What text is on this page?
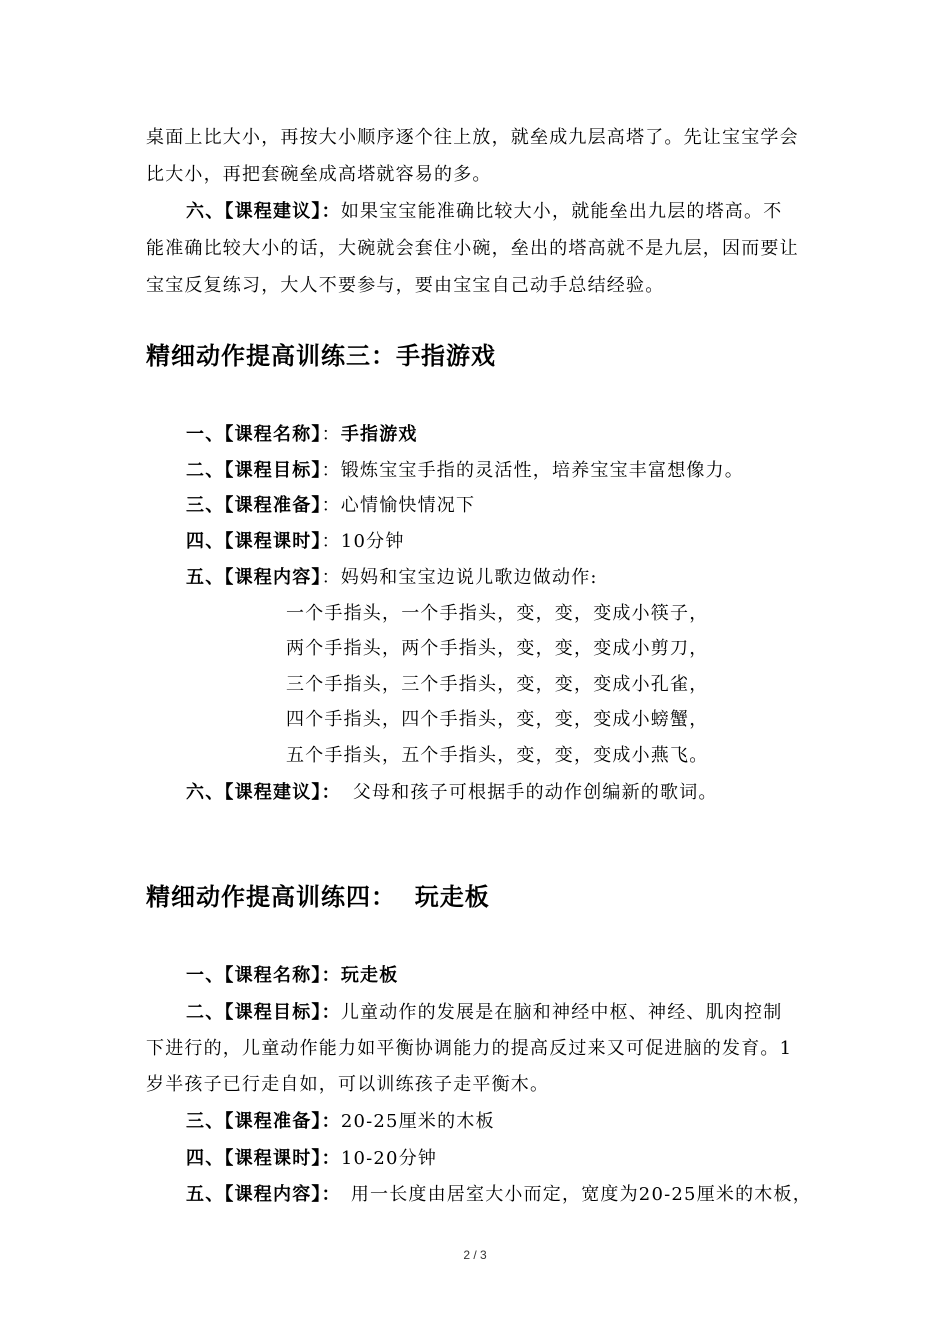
桌面上比大小，再按大小顺序逐个往上放，就垒成九层高塔了。先让宝宝学会
比大小，再把套碗垒成高塔就容易的多。
六、【课程建议】：如果宝宝能准确比较大小，就能垒出九层的塔高。不
能准确比较大小的话，大碗就会套住小碗，垒出的塔高就不是九层，因而要让
宝宝反复练习，大人不要参与，要由宝宝自己动手总结经验。
精细动作提高训练三：手指游戏
一、【课程名称】：手指游戏
二、【课程目标】：锻炼宝宝手指的灵活性，培养宝宝丰富想像力。
三、【课程准备】：心情愉快情况下
四、【课程课时】：10分钟
五、【课程内容】：妈妈和宝宝边说儿歌边做动作:
一个手指头，一个手指头，变，变，变成小筷子，
两个手指头，两个手指头，变，变，变成小剪刀，
三个手指头，三个手指头，变，变，变成小孔雀，
四个手指头，四个手指头，变，变，变成小螃蟹，
五个手指头，五个手指头，变，变，变成小燕飞。
六、【课程建议】： 父母和孩子可根据手的动作创编新的歌词。
精细动作提高训练四：  玩走板
一、【课程名称】：玩走板
二、【课程目标】：儿童动作的发展是在脑和神经中枢、神经、肌肉控制
下进行的，儿童动作能力如平衡协调能力的提高反过来又可促进脑的发育。1
岁半孩子已行走自如，可以训练孩子走平衡木。
三、【课程准备】：20-25厘米的木板
四、【课程课时】：10-20分钟
五、【课程内容】： 用一长度由居室大小而定，宽度为20-25厘米的木板，
2 / 3
